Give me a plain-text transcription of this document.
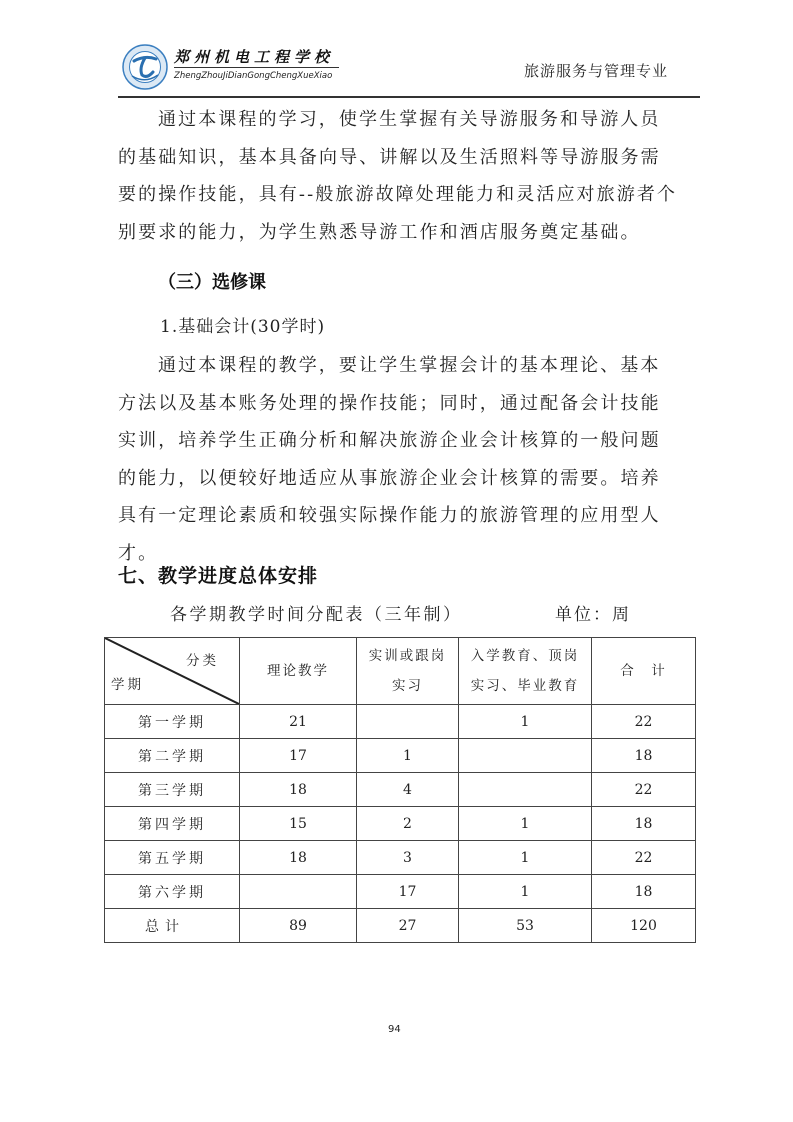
郑州机电工程学校
ZhengZhouJiDianGongChengXueXiao	旅游服务与管理专业
通过本课程的学习，使学生掌握有关导游服务和导游人员的基础知识，基本具备向导、讲解以及生活照料等导游服务需要的操作技能，具有--般旅游故障处理能力和灵活应对旅游者个别要求的能力，为学生熟悉导游工作和酒店服务奠定基础。
（三）选修课
1.基础会计(30学时)
通过本课程的教学，要让学生掌握会计的基本理论、基本方法以及基本账务处理的操作技能；同时，通过配备会计技能实训，培养学生正确分析和解决旅游企业会计核算的一般问题的能力，以便较好地适应从事旅游企业会计核算的需要。培养具有一定理论素质和较强实际操作能力的旅游管理的应用型人才。
七、教学进度总体安排
各学期教学时间分配表（三年制）	单位：周
分类
学期	理论教学	实训或跟岗实习	入学教育、顶岗实习、毕业教育	合　计
第一学期	21		1	22
第二学期	17	1		18
第三学期	18	4		22
第四学期	15	2	1	18
第五学期	18	3	1	22
第六学期		17	1	18
总计	89	27	53	120
94
